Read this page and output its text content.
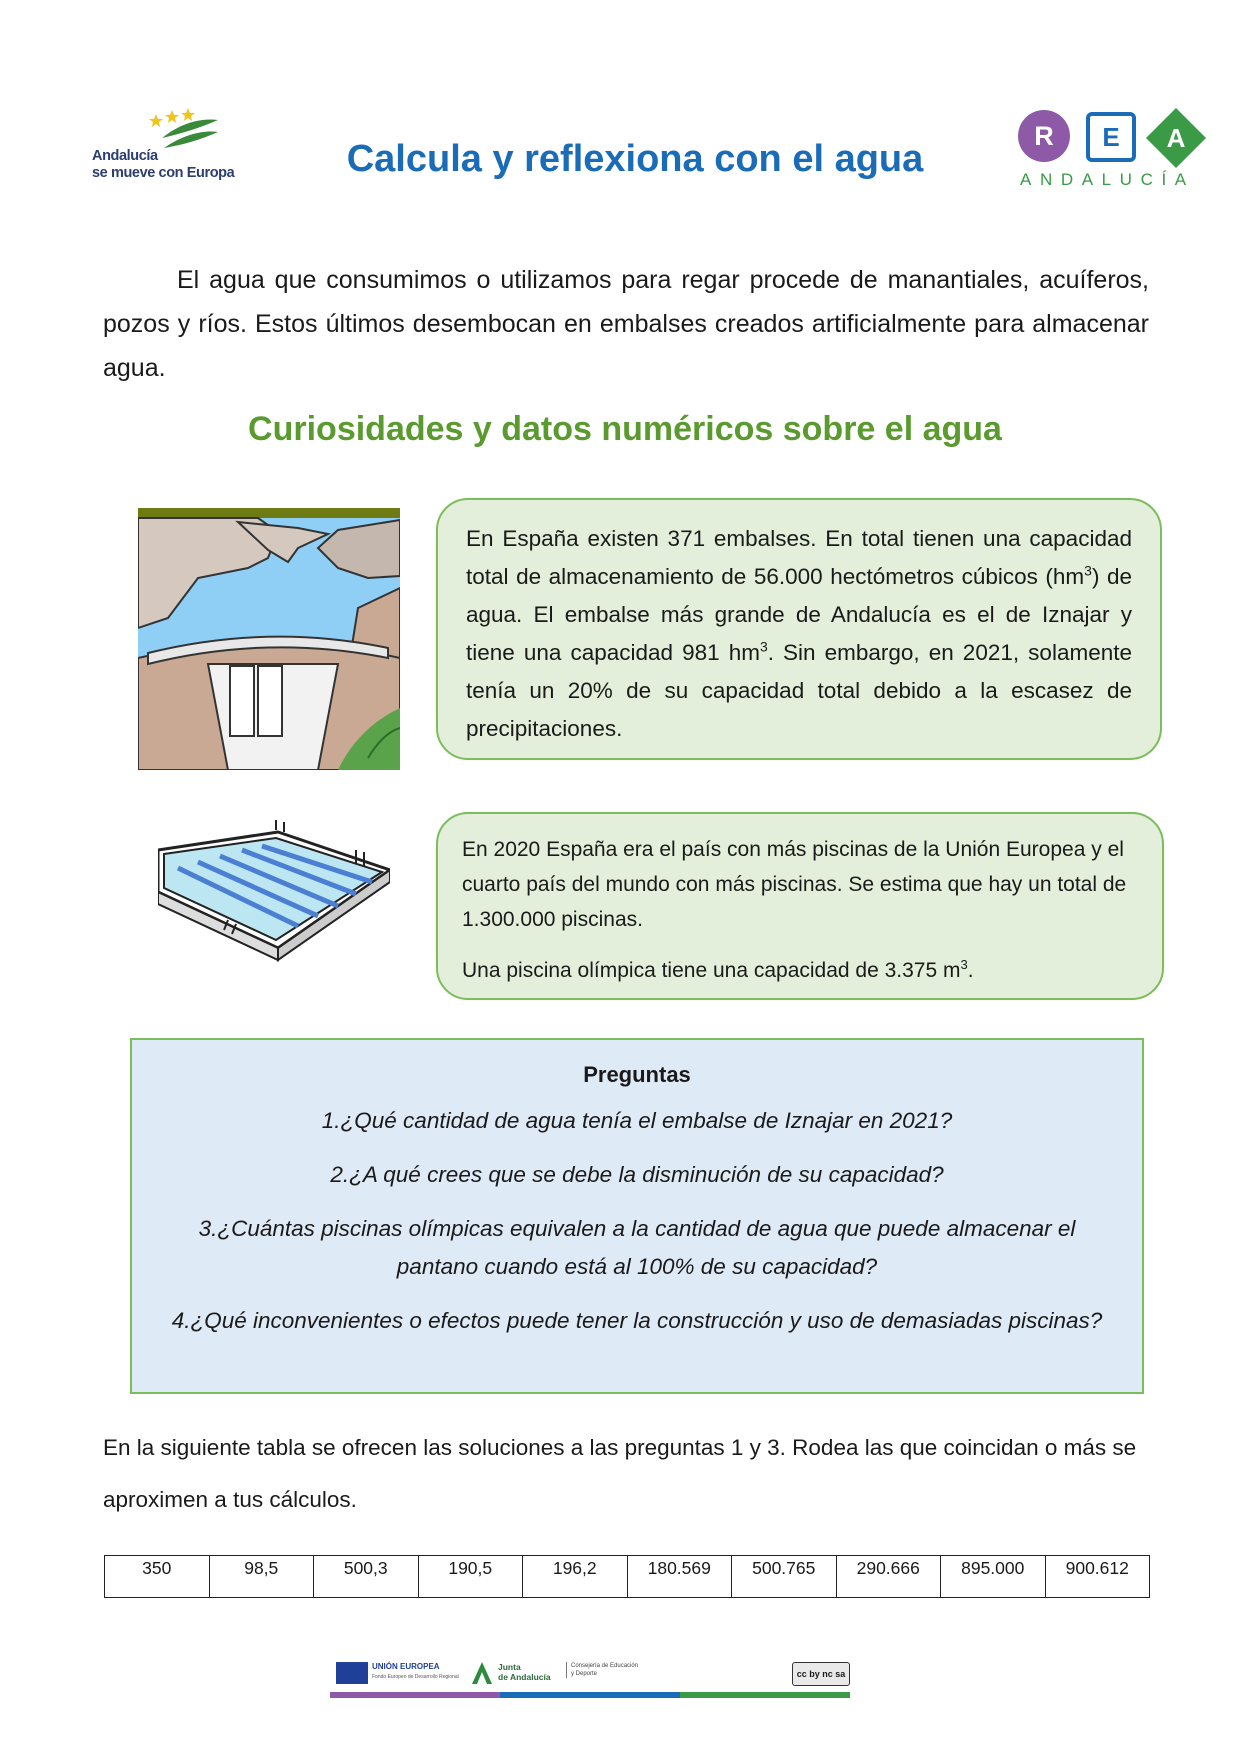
Andalucía
se mueve con Europa	Calcula y reflexiona con el agua
R	E	A
ANDALUCÍA
El agua que consumimos o utilizamos para regar procede de manantiales, acuíferos, pozos y ríos. Estos últimos desembocan en embalses creados artificialmente para almacenar agua.
Curiosidades y datos numéricos sobre el agua

En España existen 371 embalses. En total tienen una capacidad total de almacenamiento de 56.000 hectómetros cúbicos $(hm^3)$ de agua. El embalse más grande de Andalucía es el de Iznajar y tiene una capacidad 981 $hm^3$. Sin embargo, en 2021, solamente tenía un 20% de su capacidad total debido a la escasez de precipitaciones.

En 2020 España era el país con más piscinas de la Unión Europea y el cuarto país del mundo con más piscinas. Se estima que hay un total de 1.300.000 piscinas.

Una piscina olímpica tiene una capacidad de 3.375 $m^3$.

Preguntas

1.¿Qué cantidad de agua tenía el embalse de Iznajar en 2021?

2.¿A qué crees que se debe la disminución de su capacidad?

3.¿Cuántas piscinas olímpicas equivalen a la cantidad de agua que puede almacenar el pantano cuando está al 100% de su capacidad?

4.¿Qué inconvenientes o efectos puede tener la construcción y uso de demasiadas piscinas?

En la siguiente tabla se ofrecen las soluciones a las preguntas 1 y 3. Rodea las que coincidan o más se aproximen a tus cálculos.
350	98,5	500,3	190,5	196,2	180.569	500.765	290.666	895.000	900.612
UNIÓN EUROPEA
Fondo Europeo de Desarrollo Regional
Junta
de Andalucía
Consejería de Educación
y Deporte	cc by nc sa
